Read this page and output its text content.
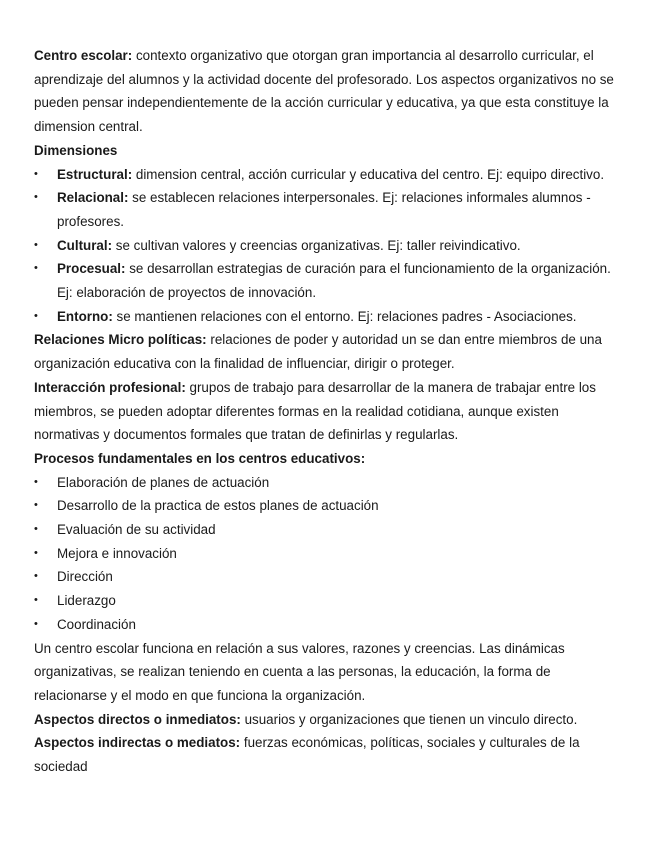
Centro escolar: contexto organizativo que otorgan gran importancia al desarrollo curricular, el aprendizaje del alumnos y la actividad docente del profesorado. Los aspectos organizativos no se pueden pensar independientemente de la acción curricular y educativa, ya que esta constituye la dimension central.

Dimensiones

• Estructural: dimension central, acción curricular y educativa del centro. Ej: equipo directivo.
• Relacional: se establecen relaciones interpersonales. Ej: relaciones informales alumnos - profesores.
• Cultural: se cultivan valores y creencias organizativas. Ej: taller reivindicativo.
• Procesual: se desarrollan estrategias de curación para el funcionamiento de la organización. Ej: elaboración de proyectos de innovación.
• Entorno: se mantienen relaciones con el entorno. Ej: relaciones padres - Asociaciones.

Relaciones Micro políticas: relaciones de poder y autoridad un se dan entre miembros de una organización educativa con la finalidad de influenciar, dirigir o proteger.

Interacción profesional: grupos de trabajo para desarrollar de la manera de trabajar entre los miembros, se pueden adoptar diferentes formas en la realidad cotidiana, aunque existen normativas y documentos formales que tratan de definirlas y regularlas.

Procesos fundamentales en los centros educativos:

• Elaboración de planes de actuación
• Desarrollo de la practica de estos planes de actuación
• Evaluación de su actividad
• Mejora e innovación
• Dirección
• Liderazgo
• Coordinación

Un centro escolar funciona en relación a sus valores, razones y creencias. Las dinámicas organizativas, se realizan teniendo en cuenta a las personas, la educación, la forma de relacionarse y el modo en que funciona la organización.

Aspectos directos o inmediatos: usuarios y organizaciones que tienen un vinculo directo.

Aspectos indirectas o mediatos: fuerzas económicas, políticas, sociales y culturales de la sociedad
